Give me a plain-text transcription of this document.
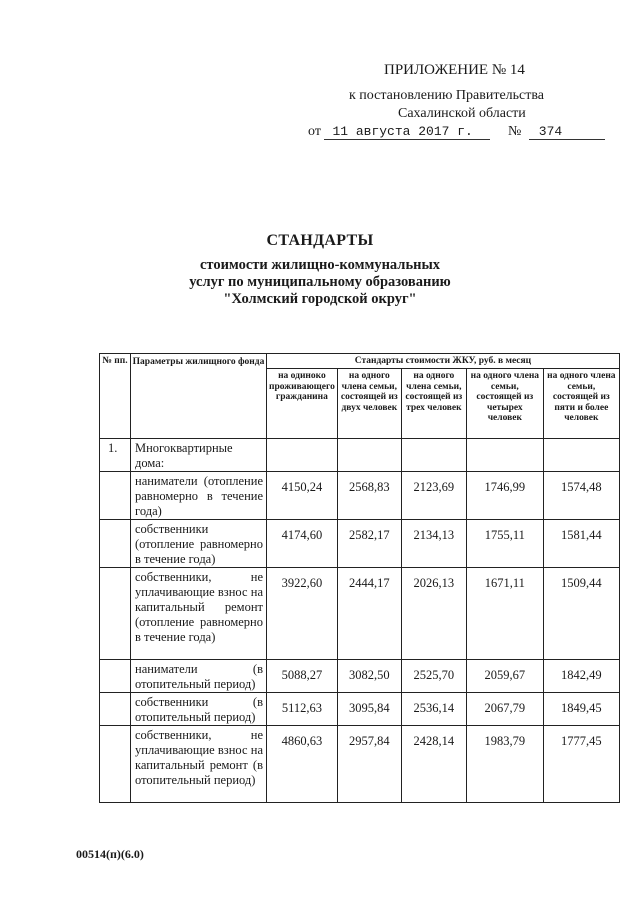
ПРИЛОЖЕНИЕ № 14
к постановлению Правительства
Сахалинской области
от 11 августа 2017 г.	№ 374
СТАНДАРТЫ
стоимости жилищно-коммунальных
услуг по муниципальному образованию
"Холмский городской округ"
№ пп.	Параметры жилищного фонда	Стандарты стоимости ЖКУ, руб. в месяц				
		на одиноко проживающего гражданина	на одного члена семьи, состоящей из двух человек	на одного члена семьи, состоящей из трех человек	на одного члена семьи, состоящей из четырех человек	на одного члена семьи, состоящей из пяти и более человек
1.	Многоквартирные дома:					
	наниматели (отопление равномерно в течение года)	4150,24	2568,83	2123,69	1746,99	1574,48
	собственники (отопление равномерно в течение года)	4174,60	2582,17	2134,13	1755,11	1581,44
	собственники, не уплачивающие взнос на капитальный ремонт (отопление равномерно в течение года)	3922,60	2444,17	2026,13	1671,11	1509,44
	наниматели (в отопительный период)	5088,27	3082,50	2525,70	2059,67	1842,49
	собственники (в отопительный период)	5112,63	3095,84	2536,14	2067,79	1849,45
	собственники, не уплачивающие взнос на капитальный ремонт (в отопительный период)	4860,63	2957,84	2428,14	1983,79	1777,45
00514(п)(6.0)
